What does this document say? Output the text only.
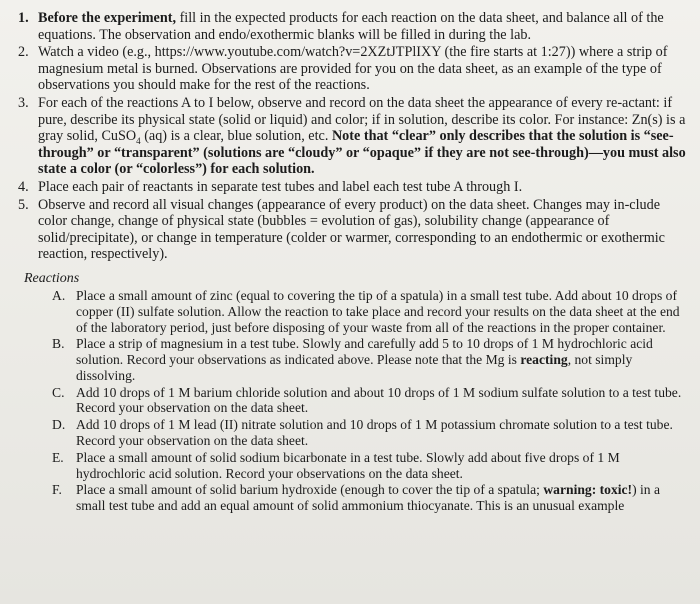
1. Before the experiment, fill in the expected products for each reaction on the data sheet, and balance all of the equations. The observation and endo/exothermic blanks will be filled in during the lab.
2. Watch a video (e.g., https://www.youtube.com/watch?v=2XZtJTPlIXY (the fire starts at 1:27)) where a strip of magnesium metal is burned. Observations are provided for you on the data sheet, as an example of the type of observations you should make for the rest of the reactions.
3. For each of the reactions A to I below, observe and record on the data sheet the appearance of every re-actant: if pure, describe its physical state (solid or liquid) and color; if in solution, describe its color. For instance: Zn(s) is a gray solid, CuSO$_4$ (aq) is a clear, blue solution, etc. Note that “clear” only describes that the solution is “see-through” or “transparent” (solutions are “cloudy” or “opaque” if they are not see-through)—you must also state a color (or “colorless”) for each solution.
4. Place each pair of reactants in separate test tubes and label each test tube A through I.
5. Observe and record all visual changes (appearance of every product) on the data sheet. Changes may in-clude color change, change of physical state (bubbles = evolution of gas), solubility change (appearance of solid/precipitate), or change in temperature (colder or warmer, corresponding to an endothermic or exothermic reaction, respectively).
Reactions
A. Place a small amount of zinc (equal to covering the tip of a spatula) in a small test tube. Add about 10 drops of copper (II) sulfate solution. Allow the reaction to take place and record your results on the data sheet at the end of the laboratory period, just before disposing of your waste from all of the reactions in the proper container.
B. Place a strip of magnesium in a test tube. Slowly and carefully add 5 to 10 drops of 1 M hydrochloric acid solution. Record your observations as indicated above. Please note that the Mg is reacting, not simply dissolving.
C. Add 10 drops of 1 M barium chloride solution and about 10 drops of 1 M sodium sulfate solution to a test tube. Record your observation on the data sheet.
D. Add 10 drops of 1 M lead (II) nitrate solution and 10 drops of 1 M potassium chromate solution to a test tube. Record your observation on the data sheet.
E. Place a small amount of solid sodium bicarbonate in a test tube. Slowly add about five drops of 1 M hydrochloric acid solution. Record your observations on the data sheet.
F. Place a small amount of solid barium hydroxide (enough to cover the tip of a spatula; warning: toxic!) in a small test tube and add an equal amount of solid ammonium thiocyanate. This is an unusual example
